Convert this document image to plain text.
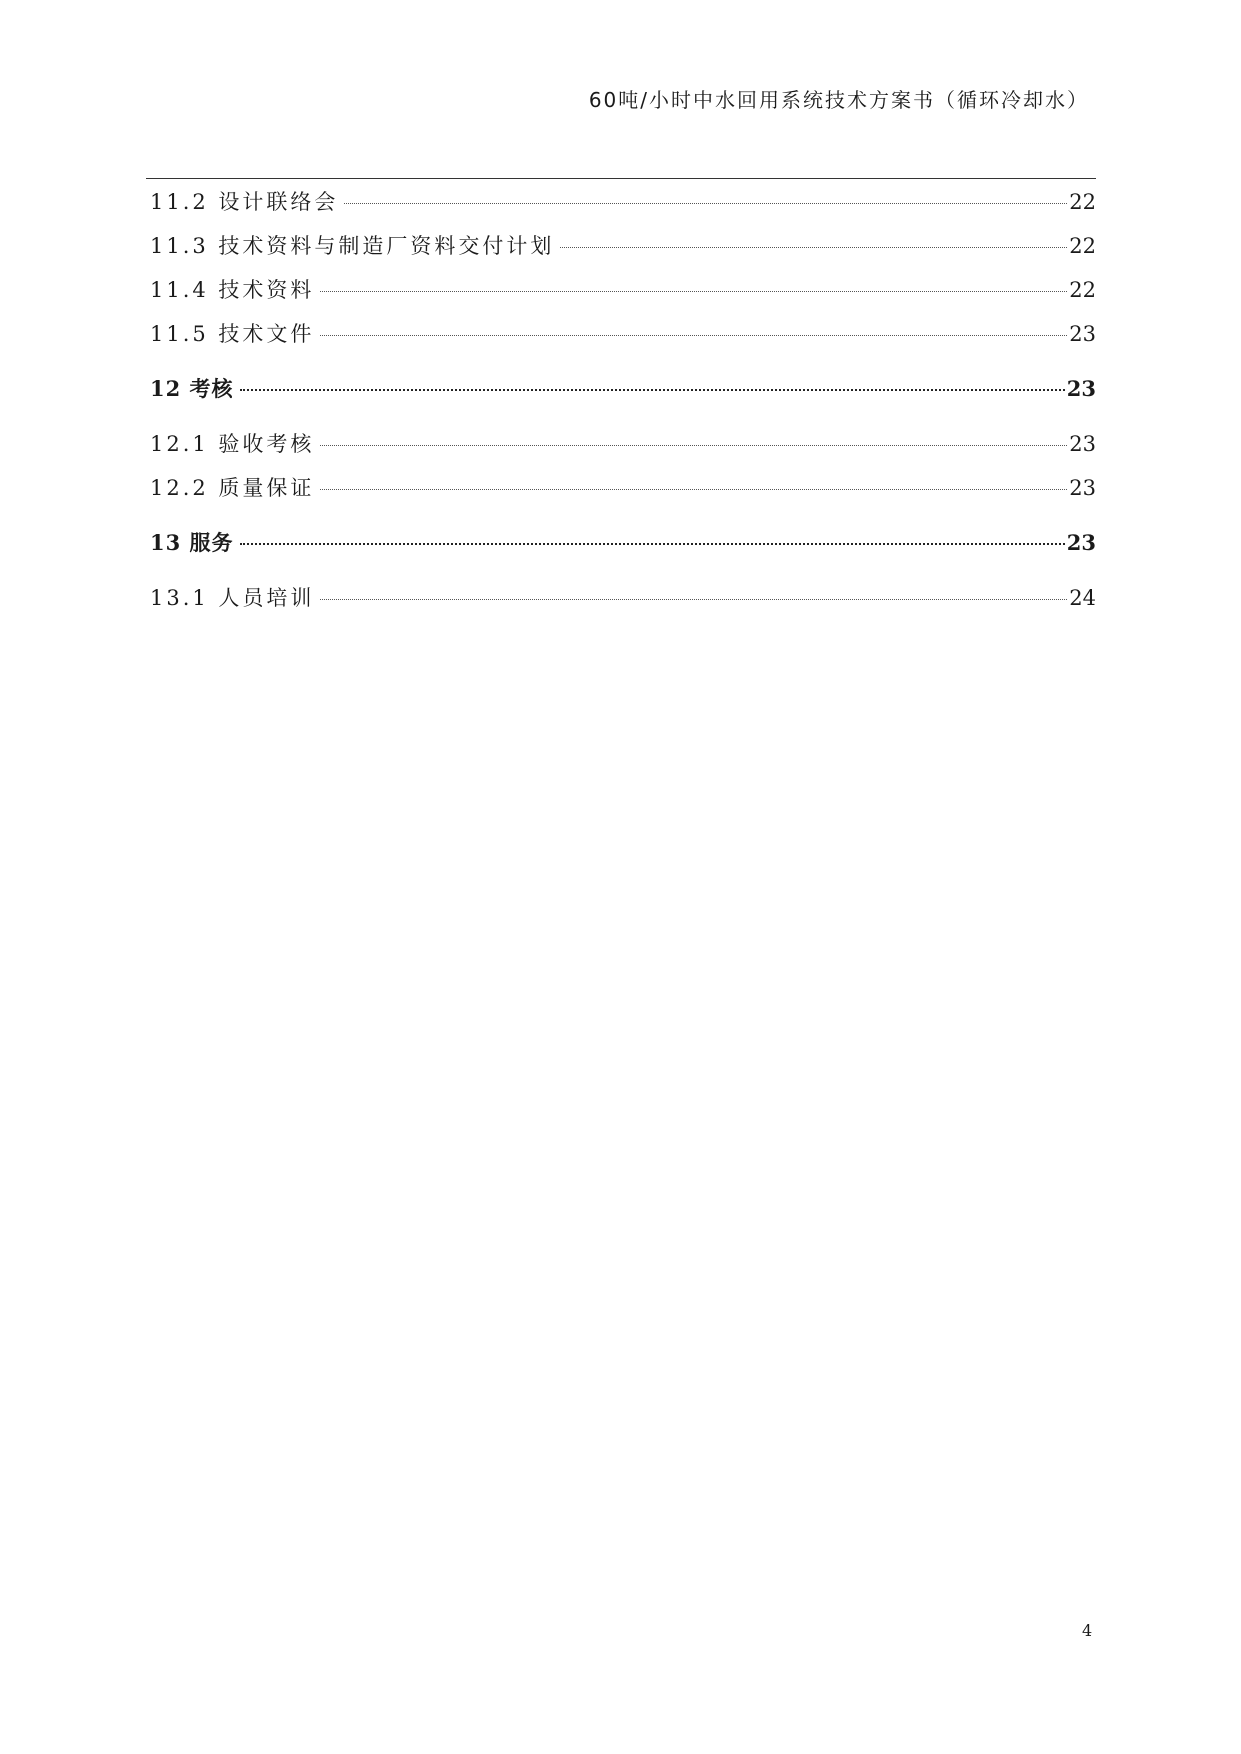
60吨/小时中水回用系统技术方案书（循环冷却水）
11.2 设计联络会	22
11.3 技术资料与制造厂资料交付计划	22
11.4 技术资料	22
11.5 技术文件	23
12 考核	23
12.1 验收考核	23
12.2 质量保证	23
13 服务	23
13.1 人员培训	24
4
